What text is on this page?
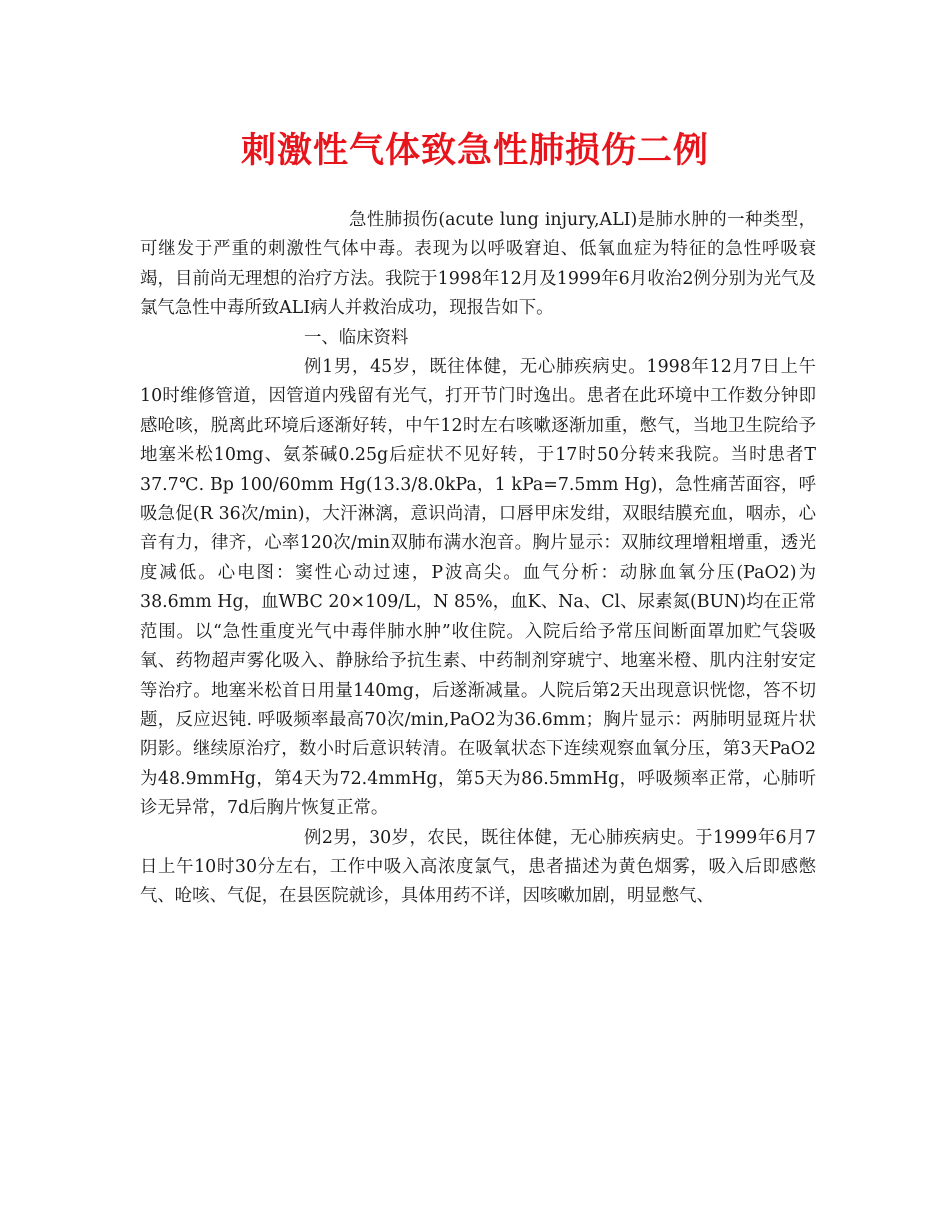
刺激性气体致急性肺损伤二例

急性肺损伤(acute lung injury,ALI)是肺水肿的一种类型，可继发于严重的刺激性气体中毒。表现为以呼吸窘迫、低氧血症为特征的急性呼吸衰竭，目前尚无理想的治疗方法。我院于1998年12月及1999年6月收治2例分别为光气及氯气急性中毒所致ALI病人并救治成功，现报告如下。

一、临床资料

例1男，45岁，既往体健，无心肺疾病史。1998年12月7日上午10时维修管道，因管道内残留有光气，打开节门时逸出。患者在此环境中工作数分钟即感呛咳，脱离此环境后逐渐好转，中午12时左右咳嗽逐渐加重，憋气，当地卫生院给予地塞米松10mg、氨茶碱0.25g后症状不见好转，于17时50分转来我院。当时患者T 37.7℃. Bp 100/60mm Hg(13.3/8.0kPa，1 kPa=7.5mm Hg)，急性痛苦面容，呼吸急促(R 36次/min)，大汗淋漓，意识尚清，口唇甲床发绀，双眼结膜充血，咽赤，心音有力，律齐，心率120次/min双肺布满水泡音。胸片显示：双肺纹理增粗增重，透光度减低。心电图：窦性心动过速，P波高尖。血气分析：动脉血氧分压(PaO2)为38.6mm Hg，血WBC 20×109/L，N 85%，血K、Na、Cl、尿素氮(BUN)均在正常范围。以“急性重度光气中毒伴肺水肿”收住院。入院后给予常压间断面罩加贮气袋吸氧、药物超声雾化吸入、静脉给予抗生素、中药制剂穿琥宁、地塞米橙、肌内注射安定等治疗。地塞米松首日用量140mg，后遂渐减量。人院后第2天出现意识恍惚，答不切题，反应迟钝. 呼吸频率最高70次/min,PaO2为36.6mm；胸片显示：两肺明显斑片状阴影。继续原治疗，数小时后意识转清。在吸氧状态下连续观察血氧分压，第3天PaO2为48.9mmHg，第4天为72.4mmHg，第5天为86.5mmHg，呼吸频率正常，心肺听诊无异常，7d后胸片恢复正常。

例2男，30岁，农民，既往体健，无心肺疾病史。于1999年6月7日上午10时30分左右，工作中吸入高浓度氯气，患者描述为黄色烟雾，吸入后即感憋气、呛咳、气促，在县医院就诊，具体用药不详，因咳嗽加剧，明显憋气、
